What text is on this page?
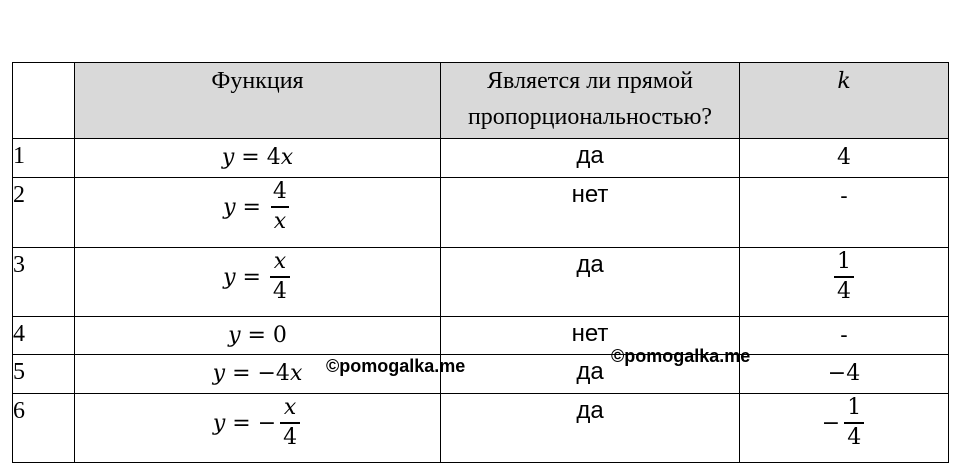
	Функция	Является ли прямой
пропорциональностью?	k
1	y = 4x	да	4
2	$y = \frac{4}{x}$	нет	-
3	$y = \frac{x}{4}$	да	$\frac{1}{4}$

4	y = 0	нет	-
5	y = −4x	да	−4
6	y = − $\frac{x}{4}$	да	− $\frac{1}{4}$
©pomogalka.me	©pomogalka.me
